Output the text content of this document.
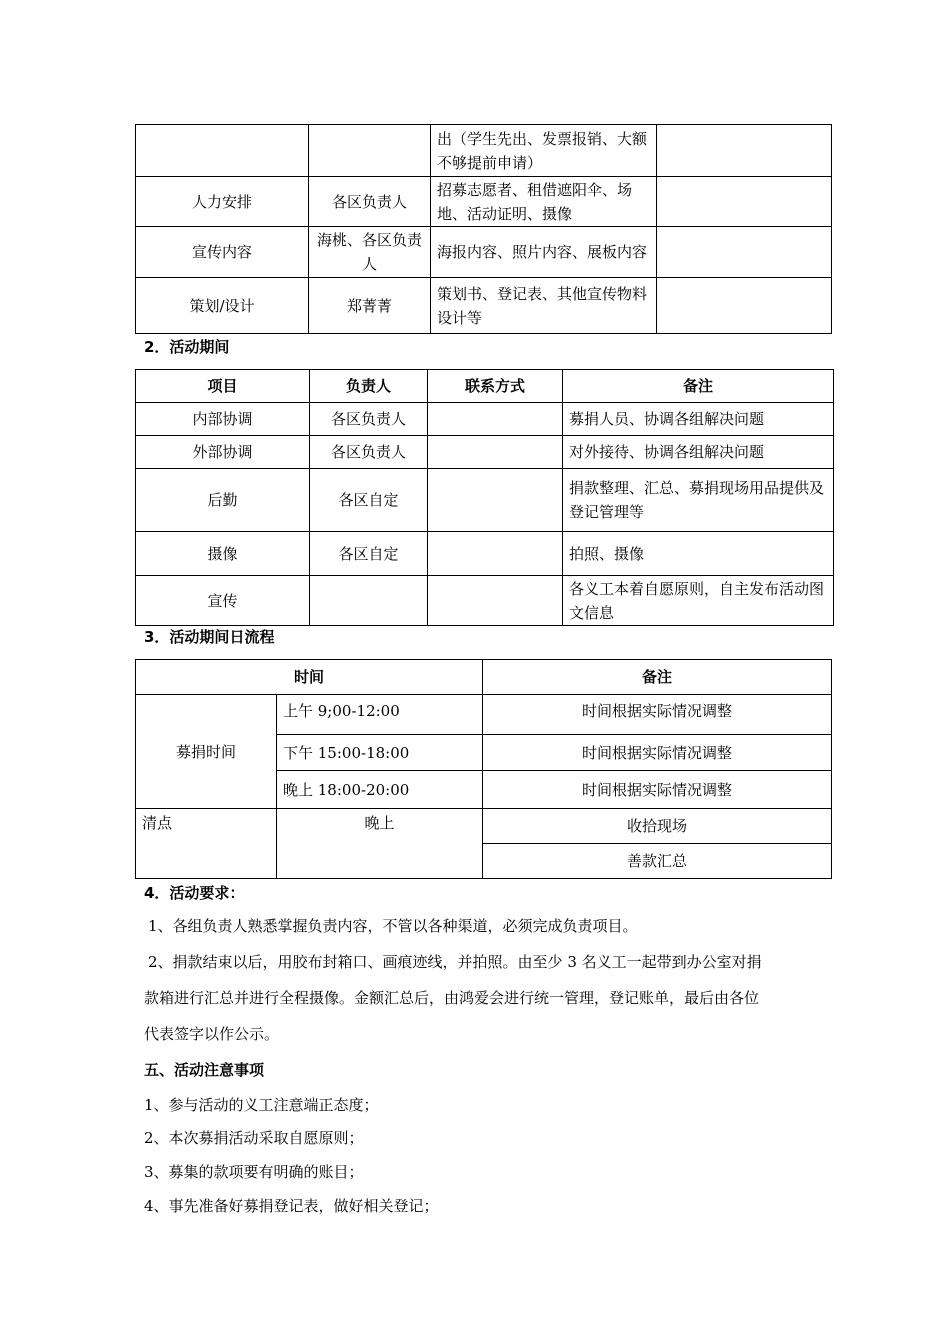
		出（学生先出、发票报销、大额不够提前申请）	
人力安排	各区负责人	招募志愿者、租借遮阳伞、场地、活动证明、摄像	
宣传内容	海桃、各区负责人	海报内容、照片内容、展板内容	
策划/设计	郑菁菁	策划书、登记表、其他宣传物料设计等	
2．活动期间
项目	负责人	联系方式	备注
内部协调	各区负责人		募捐人员、协调各组解决问题
外部协调	各区负责人		对外接待、协调各组解决问题
后勤	各区自定		捐款整理、汇总、募捐现场用品提供及登记管理等
摄像	各区自定		拍照、摄像
宣传			各义工本着自愿原则，自主发布活动图文信息
3．活动期间日流程
时间		备注
募捐时间	上午 9;00-12:00	时间根据实际情况调整
	下午 15:00-18:00	时间根据实际情况调整
	晚上 18:00-20:00	时间根据实际情况调整
清点	晚上	收拾现场
		善款汇总
4．活动要求：
1、各组负责人熟悉掌握负责内容，不管以各种渠道，必须完成负责项目。
2、捐款结束以后，用胶布封箱口、画痕迹线，并拍照。由至少 3 名义工一起带到办公室对捐
款箱进行汇总并进行全程摄像。金额汇总后，由鸿爱会进行统一管理，登记账单，最后由各位
代表签字以作公示。
五、活动注意事项
1、参与活动的义工注意端正态度；
2、本次募捐活动采取自愿原则；
3、募集的款项要有明确的账目；
4、事先准备好募捐登记表，做好相关登记；
